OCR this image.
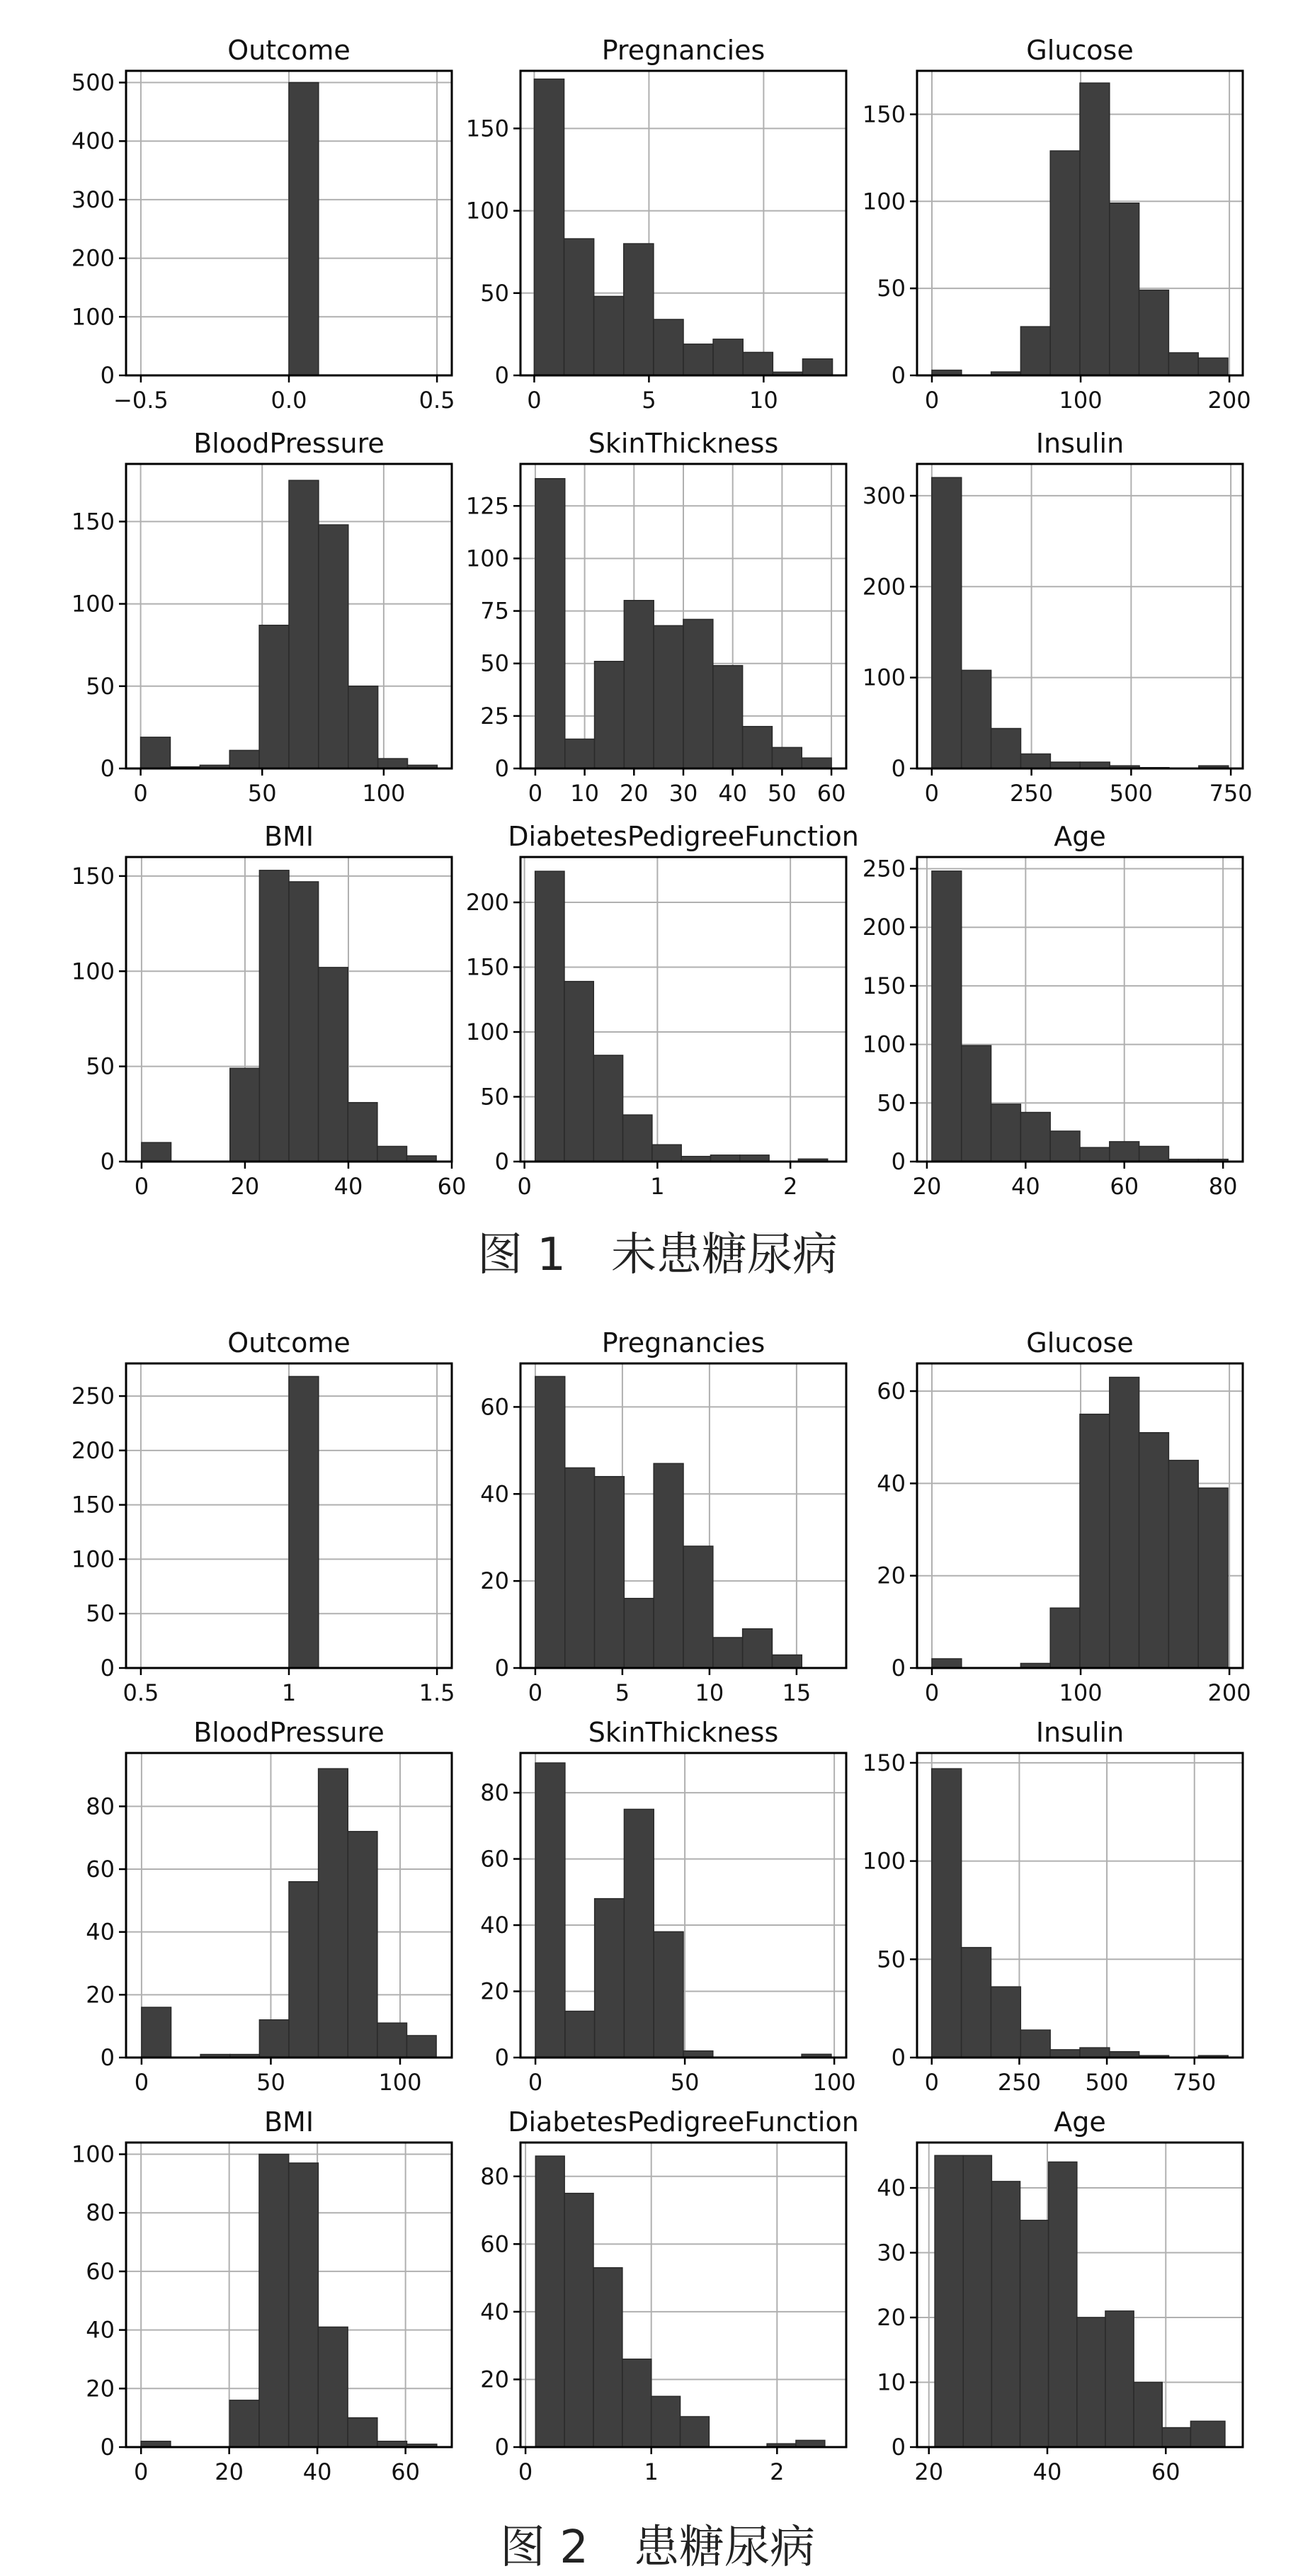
Outcome
−0.5	0.0	0.5
0
100
200
300
400
500
Pregnancies
0	5	10
0
50
100
150
Glucose
0	100	200
0
50
100
150
BloodPressure
0	50	100
0
50
100
150
SkinThickness
0 10 20 30 40 50 60
0
25
50
75
100
125
Insulin
0	250 500 750
0
100
200
300
BMI
0	20	40	60
0
50
100
150
DiabetesPedigreeFunction
0	1	2
0
50
100
150
200
Age
20	40	60	80
0
50
100
150
200
250
Outcome
0.5	1	1.5
0
50
100
150
200
250
Pregnancies
0	5	10	15
0
20
40
60
Glucose
0	100	200
0
20
40
60
BloodPressure
0	50	100
0
20
40
60
80
SkinThickness
0	50	100
0
20
40
60
80
Insulin
0	250 500 750
0
50
100
150
BMI
0	20	40	60
0
20
40
60
80
100
DiabetesPedigreeFunction
0	1	2
0
20
40
60
80
Age
20	40	60
0
10
20
30
40
图 1　未患糖尿病
图 2　患糖尿病
